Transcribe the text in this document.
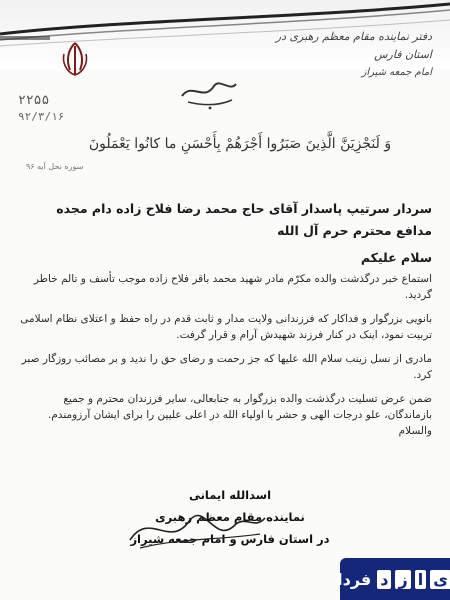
دفتر نماینده مقام معظم رهبری در استان فارس
امام جمعه شیراز
۲۲۵۵
۹۲/۳/۱۶
وَ لَنَجْزِيَنَّ الَّذِينَ صَبَرُوا أَجْرَهُمْ بِأَحْسَنِ ما كانُوا يَعْمَلُونَ
سوره نحل آیه ۹۶
سردار سرتیپ پاسدار آقای حاج محمد رضا فلاح زاده دام مجده
مدافع محترم حرم آل الله
سلام علیکم

استماع خبر درگذشت والده مکرّم مادر شهید محمد باقر فلاح زاده موجب تأسف و تالم خاطر گردید.

بانویی بزرگوار و فداکار که فرزندانی ولایت مدار و ثابت قدم در راه حفظ و اعتلای نظام اسلامی تربیت نمود، اینک در کنار فرزند شهیدش آرام و قرار گرفت.

مادری از نسل زینب سلام الله علیها که جز رحمت و رضای حق را ندید و بر مصائب روزگار صبر کرد.

ضمن عرض تسلیت درگذشت والده بزرگوار به جنابعالی، سایر فرزندان محترم و جمیع بازماندگان، علو درجات الهی و حشر با اولیاء الله در اعلی علیین را برای ایشان آرزومندم. والسلام

اسدالله ایمانی
نماینده مقام معظم رهبری
در استان فارس و امام جمعه شیراز
ی
ا
ز
د
فردا
